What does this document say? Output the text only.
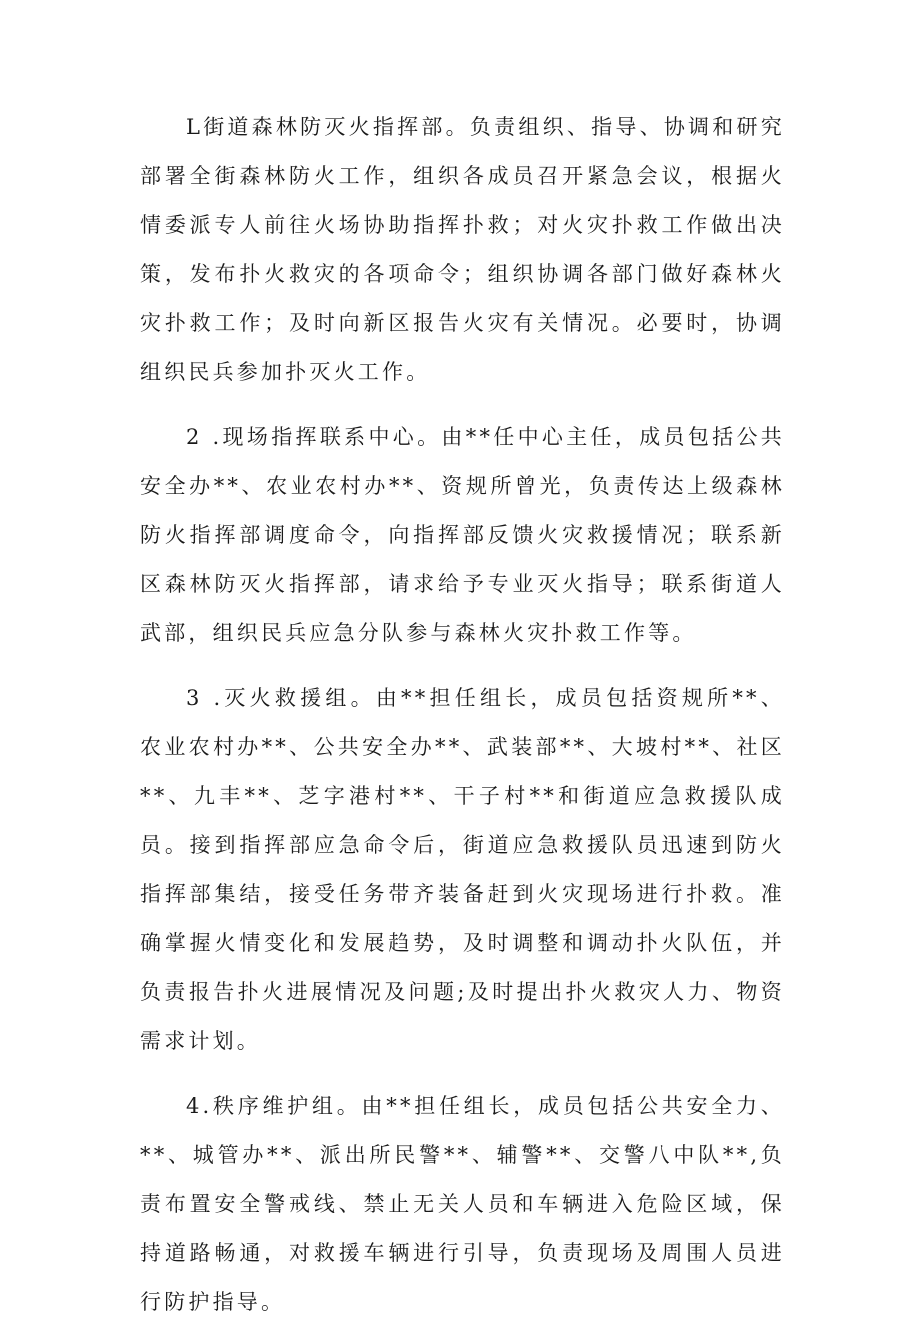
L街道森林防灭火指挥部。负责组织、指导、协调和研究部署全街森林防火工作，组织各成员召开紧急会议，根据火情委派专人前往火场协助指挥扑救；对火灾扑救工作做出决策，发布扑火救灾的各项命令；组织协调各部门做好森林火灾扑救工作；及时向新区报告火灾有关情况。必要时，协调组织民兵参加扑灭火工作。

2 .现场指挥联系中心。由**任中心主任，成员包括公共安全办**、农业农村办**、资规所曾光，负责传达上级森林防火指挥部调度命令，向指挥部反馈火灾救援情况；联系新区森林防灭火指挥部，请求给予专业灭火指导；联系街道人武部，组织民兵应急分队参与森林火灾扑救工作等。

3 .灭火救援组。由**担任组长，成员包括资规所**、农业农村办**、公共安全办**、武装部**、大坡村**、社区**、九丰**、芝字港村**、干子村**和街道应急救援队成员。接到指挥部应急命令后，街道应急救援队员迅速到防火指挥部集结，接受任务带齐装备赶到火灾现场进行扑救。准确掌握火情变化和发展趋势，及时调整和调动扑火队伍，并负责报告扑火进展情况及问题;及时提出扑火救灾人力、物资需求计划。

4.秩序维护组。由**担任组长，成员包括公共安全力、**、城管办**、派出所民警**、辅警**、交警八中队**,负责布置安全警戒线、禁止无关人员和车辆进入危险区域，保持道路畅通，对救援车辆进行引导，负责现场及周围人员进行防护指导。
